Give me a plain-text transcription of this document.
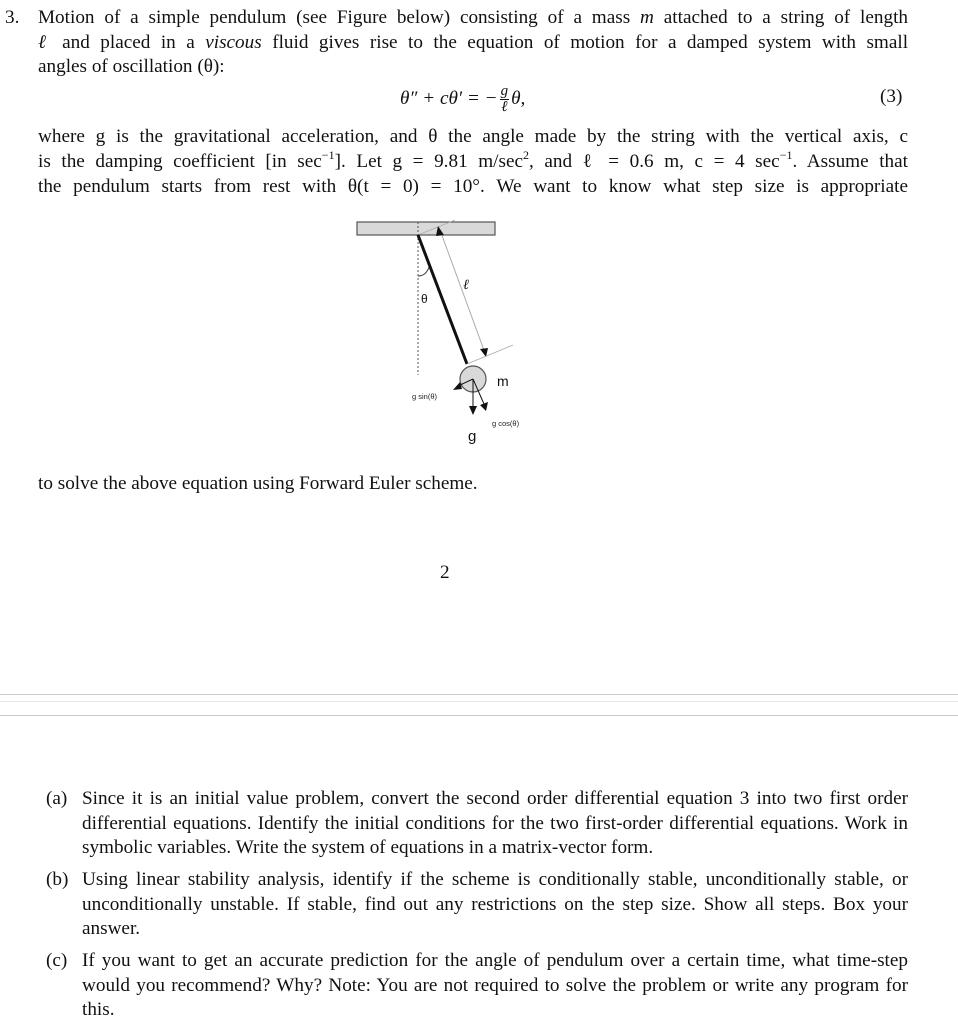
3. Motion of a simple pendulum (see Figure below) consisting of a mass m attached to a string of length
ℓ and placed in a viscous fluid gives rise to the equation of motion for a damped system with small
angles of oscillation (θ):
θ″ + cθ′ = − $\frac{g}{\text{ℓ}} \theta$,	(3)
where g is the gravitational acceleration, and θ the angle made by the string with the vertical axis, c
is the damping coefficient [in $\sec^{-1}$]. Let g = 9.81 $m/\sec^2$, and ℓ = 0.6 m, c = 4 $\sec^{-1}$. Assume that
the pendulum starts from rest with θ(t = 0) = 10°. We want to know what step size is appropriate
θ
ℓ
m
g sin(θ)
g cos(θ)
g
to solve the above equation using Forward Euler scheme.
2
(a) Since it is an initial value problem, convert the second order differential equation 3 into two first order differential equations. Identify the initial conditions for the two first-order differential equations. Work in symbolic variables. Write the system of equations in a matrix-vector form.
(b) Using linear stability analysis, identify if the scheme is conditionally stable, unconditionally stable, or unconditionally unstable. If stable, find out any restrictions on the step size. Show all steps. Box your answer.
(c) If you want to get an accurate prediction for the angle of pendulum over a certain time, what time-step would you recommend? Why? Note: You are not required to solve the problem or write any program for this.
